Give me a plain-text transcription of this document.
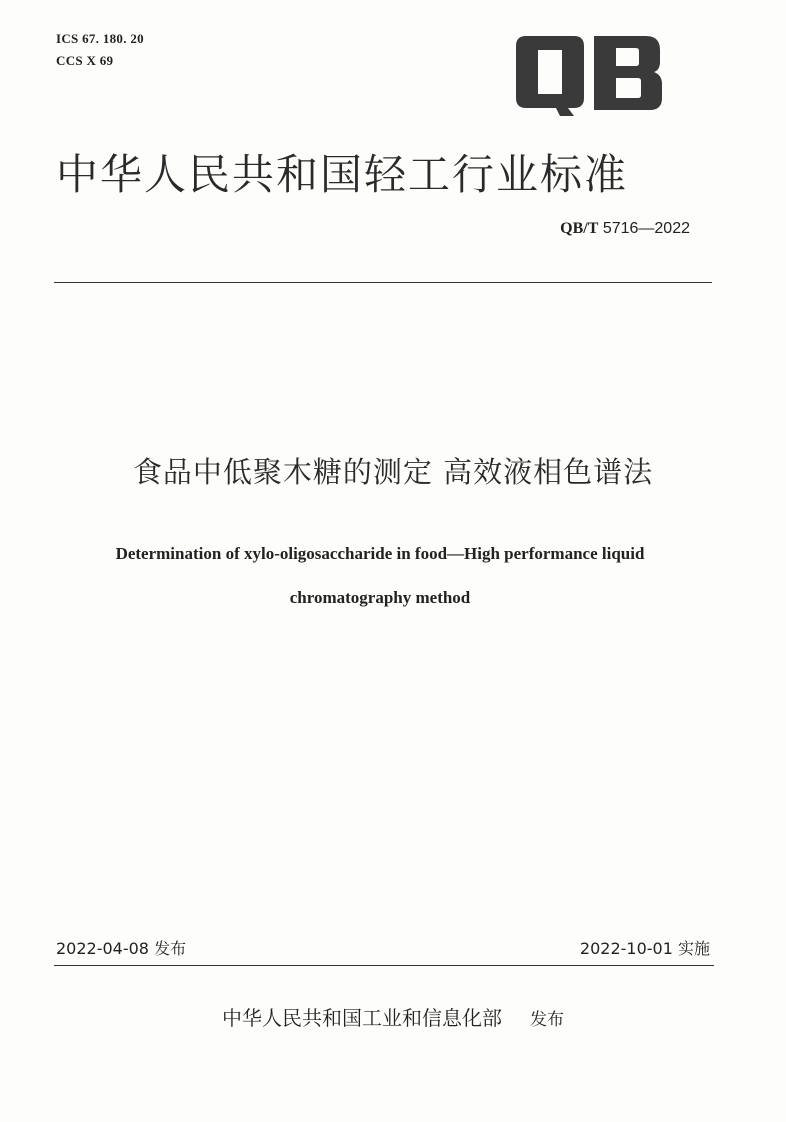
ICS 67. 180. 20
CCS X 69
中华人民共和国轻工行业标准
QB/T 5716—2022
食品中低聚木糖的测定 高效液相色谱法
Determination of xylo-oligosaccharide in food—High performance liquid
chromatography method
2022-04-08 发布	2022-10-01 实施
中华人民共和国工业和信息化部 发布
